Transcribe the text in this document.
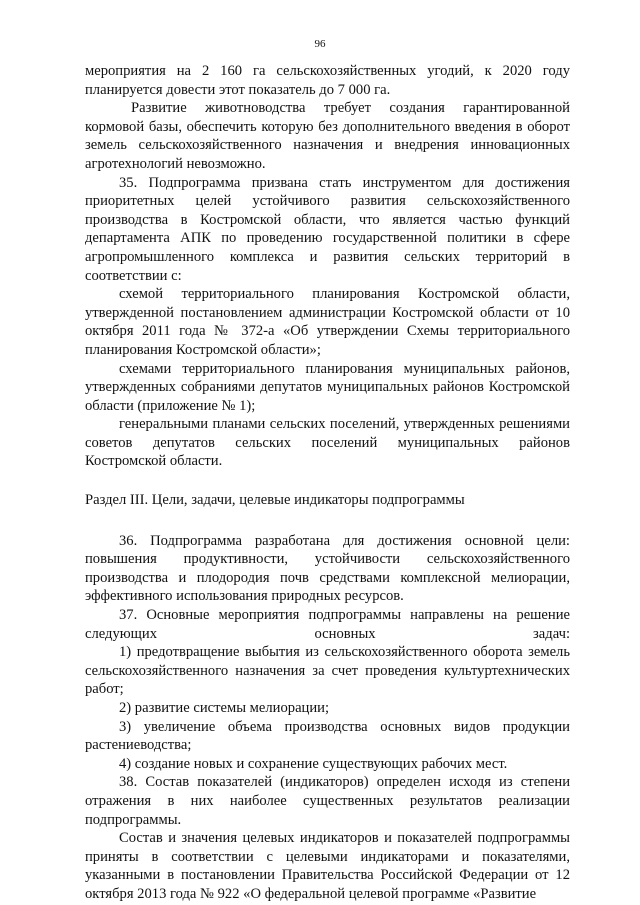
96

мероприятия на 2 160 га сельскохозяйственных угодий, к 2020 году планируется довести этот показатель до 7 000 га.

Развитие животноводства требует создания гарантированной кормовой базы, обеспечить которую без дополнительного введения в оборот земель сельскохозяйственного назначения и внедрения инновационных агротехнологий невозможно.

35. Подпрограмма призвана стать инструментом для достижения приоритетных целей устойчивого развития сельскохозяйственного производства в Костромской области, что является частью функций департамента АПК по проведению государственной политики в сфере агропромышленного комплекса и развития сельских территорий в соответствии с:

схемой территориального планирования Костромской области, утвержденной постановлением администрации Костромской области от 10 октября 2011 года № 372-а «Об утверждении Схемы территориального планирования Костромской области»;

схемами территориального планирования муниципальных районов, утвержденных собраниями депутатов муниципальных районов Костромской области (приложение № 1);

генеральными планами сельских поселений, утвержденных решениями советов депутатов сельских поселений муниципальных районов Костромской области.

Раздел III. Цели, задачи, целевые индикаторы подпрограммы

36. Подпрограмма разработана для достижения основной цели: повышения продуктивности, устойчивости сельскохозяйственного производства и плодородия почв средствами комплексной мелиорации, эффективного использования природных ресурсов.

37. Основные мероприятия подпрограммы направлены на решение следующих основных задач:

1) предотвращение выбытия из сельскохозяйственного оборота земель сельскохозяйственного назначения за счет проведения культуртехнических работ;

2) развитие системы мелиорации;

3) увеличение объема производства основных видов продукции растениеводства;

4) создание новых и сохранение существующих рабочих мест.

38. Состав показателей (индикаторов) определен исходя из степени отражения в них наиболее существенных результатов реализации подпрограммы.

Состав и значения целевых индикаторов и показателей подпрограммы приняты в соответствии с целевыми индикаторами и показателями, указанными в постановлении Правительства Российской Федерации от 12 октября 2013 года № 922 «О федеральной целевой программе «Развитие
